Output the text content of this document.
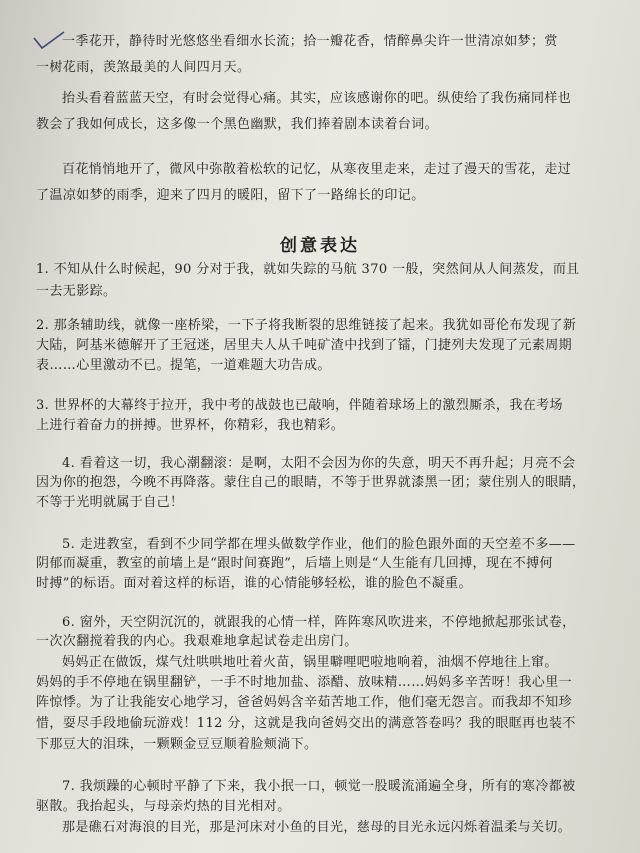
一季花开，静待时光悠悠坐看细水长流；拾一瓣花香，情醉鼻尖许一世清凉如梦；赏
一树花雨，羡煞最美的人间四月天。
抬头看着蓝蓝天空，有时会觉得心痛。其实，应该感谢你的吧。纵使给了我伤痛同样也
教会了我如何成长，这多像一个黑色幽默，我们捧着剧本读着台词。
百花悄悄地开了，微风中弥散着松软的记忆，从寒夜里走来，走过了漫天的雪花，走过
了温凉如梦的雨季，迎来了四月的暖阳，留下了一路绵长的印记。
创意表达
1. 不知从什么时候起，90 分对于我，就如失踪的马航 370 一般，突然间从人间蒸发，而且
一去无影踪。
2. 那条辅助线，就像一座桥梁，一下子将我断裂的思维链接了起来。我犹如哥伦布发现了新
大陆，阿基米德解开了王冠迷，居里夫人从千吨矿渣中找到了镭，门捷列夫发现了元素周期
表……心里激动不已。提笔，一道难题大功告成。
3. 世界杯的大幕终于拉开，我中考的战鼓也已敲响，伴随着球场上的激烈厮杀，我在考场
上进行着奋力的拼搏。世界杯，你精彩，我也精彩。
4. 看着这一切，我心潮翻滚：是啊，太阳不会因为你的失意，明天不再升起；月亮不会
因为你的抱怨，今晚不再降落。蒙住自己的眼睛，不等于世界就漆黑一团；蒙住别人的眼睛，
不等于光明就属于自己！
5. 走进教室，看到不少同学都在埋头做数学作业，他们的脸色跟外面的天空差不多——
阴郁而凝重，教室的前墙上是“跟时间赛跑”，后墙上则是“人生能有几回搏，现在不搏何
时搏”的标语。面对着这样的标语，谁的心情能够轻松，谁的脸色不凝重。
6. 窗外，天空阴沉沉的，就跟我的心情一样，阵阵寒风吹进来，不停地掀起那张试卷，
一次次翻搅着我的内心。我艰难地拿起试卷走出房门。
妈妈正在做饭，煤气灶哄哄地吐着火苗，锅里噼哩吧啦地响着，油烟不停地往上窜。
妈妈的手不停地在锅里翻铲，一手不时地加盐、添醋、放味精……妈妈多辛苦呀！我心里一
阵惊悸。为了让我能安心地学习，爸爸妈妈含辛茹苦地工作，他们毫无怨言。而我却不知珍
惜，耍尽手段地偷玩游戏！112 分，这就是我向爸妈交出的满意答卷吗？我的眼眶再也装不
下那豆大的泪珠，一颗颗金豆豆顺着脸颊淌下。
7. 我烦躁的心顿时平静了下来，我小抿一口，顿觉一股暖流涌遍全身，所有的寒冷都被
驱散。我抬起头，与母亲灼热的目光相对。
那是礁石对海浪的目光，那是河床对小鱼的目光，慈母的目光永远闪烁着温柔与关切。
